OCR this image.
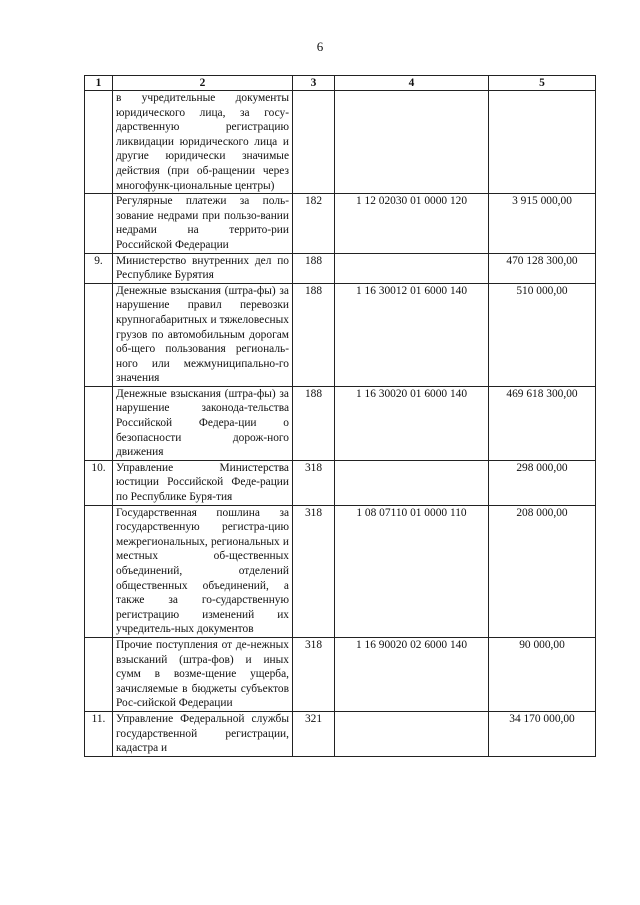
6
1	2	3	4	5
	в учредительные документы юридического лица, за госу-дарственную регистрацию ликвидации юридического лица и другие юридически значимые действия (при об-ращении через многофунк-циональные центры)			
	Регулярные платежи за поль-зование недрами при пользо-вании недрами на террито-рии Российской Федерации	182	1 12 02030 01 0000 120	3 915 000,00
9.	Министерство внутренних дел по Республике Бурятия	188		470 128 300,00
	Денежные взыскания (штра-фы) за нарушение правил перевозки крупногабаритных и тяжеловесных грузов по автомобильным дорогам об-щего пользования региональ-ного или межмуниципально-го значения	188	1 16 30012 01 6000 140	510 000,00
	Денежные взыскания (штра-фы) за нарушение законода-тельства Российской Федера-ции о безопасности дорож-ного движения	188	1 16 30020 01 6000 140	469 618 300,00
10.	Управление Министерства юстиции Российской Феде-рации по Республике Буря-тия	318		298 000,00
	Государственная пошлина за государственную регистра-цию межрегиональных, региональных и местных об-щественных объединений, отделений общественных объединений, а также за го-сударственную регистрацию изменений их учредитель-ных документов	318	1 08 07110 01 0000 110	208 000,00
	Прочие поступления от де-нежных взысканий (штра-фов) и иных сумм в возме-щение ущерба, зачисляемые в бюджеты субъектов Рос-сийской Федерации	318	1 16 90020 02 6000 140	90 000,00
11.	Управление Федеральной службы государственной регистрации, кадастра и	321		34 170 000,00
